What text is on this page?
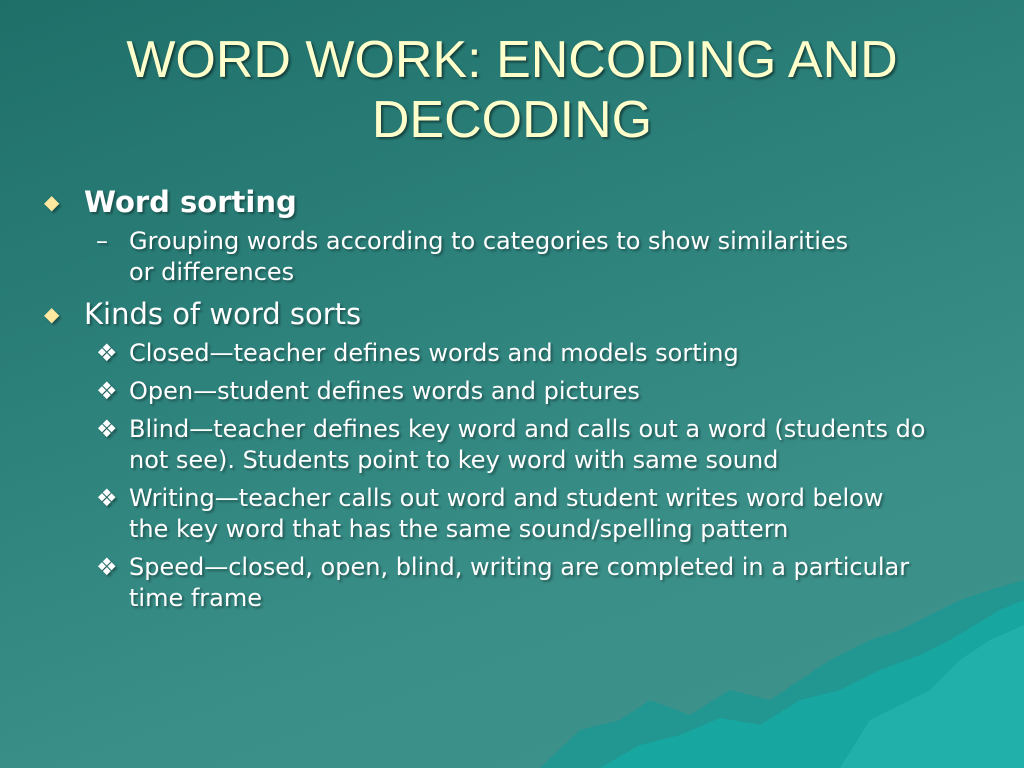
WORD WORK: ENCODING AND DECODING
◆ Word sorting
– Grouping words according to categories to show similarities or differences
◆ Kinds of word sorts
❖ Closed—teacher defines words and models sorting
❖ Open—student defines words and pictures
❖ Blind—teacher defines key word and calls out a word (students do not see). Students point to key word with same sound
❖ Writing—teacher calls out word and student writes word below the key word that has the same sound/spelling pattern
❖ Speed—closed, open, blind, writing are completed in a particular time frame
